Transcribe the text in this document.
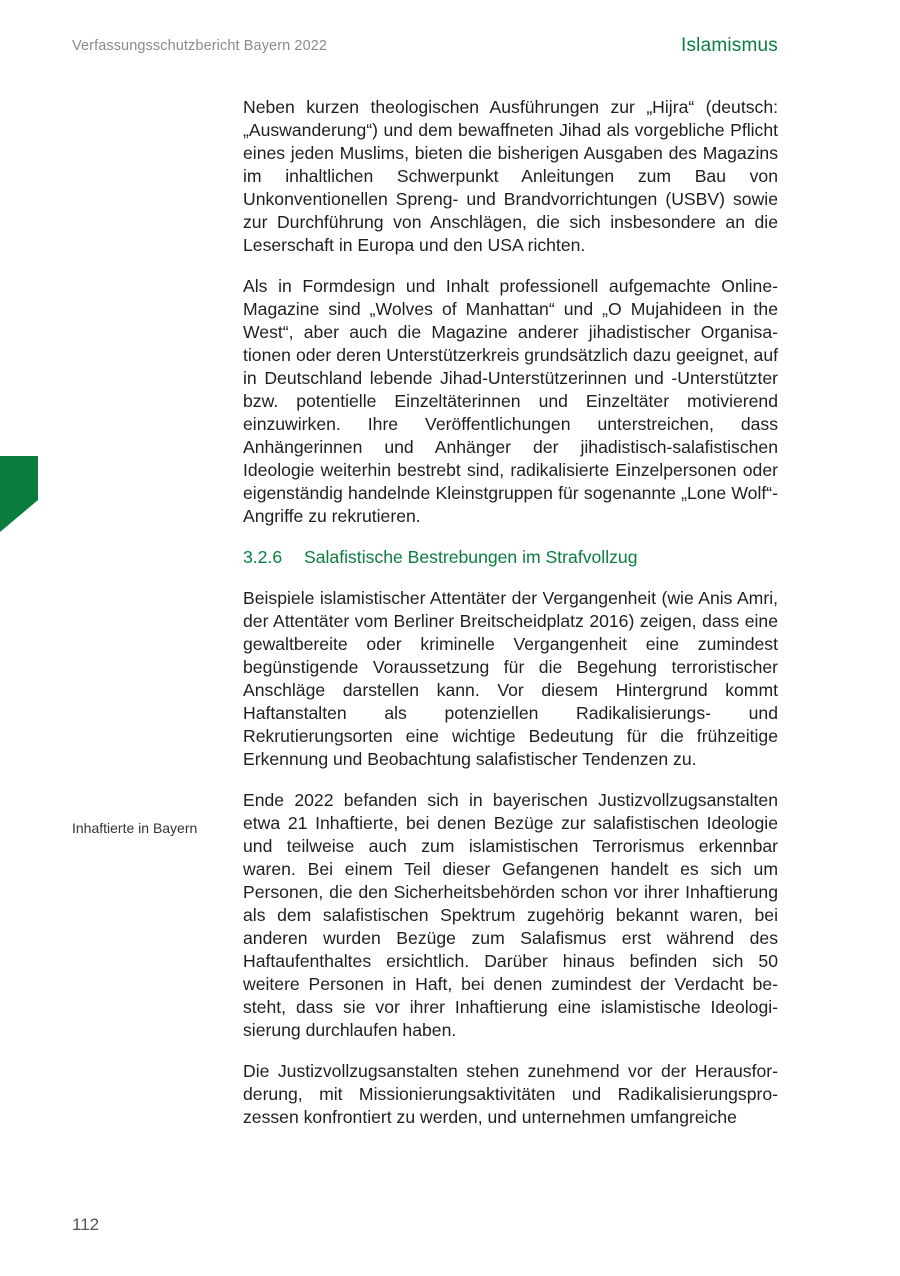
Verfassungsschutzbericht Bayern 2022	Islamismus
Inhaftierte in Bayern

Neben kurzen theologischen Ausführungen zur „Hijra“ (deutsch: „Auswanderung“) und dem bewaffneten Jihad als vorgebliche Pflicht eines jeden Muslims, bieten die bisherigen Ausgaben des Magazins im inhaltlichen Schwerpunkt Anleitungen zum Bau von Unkonventionellen Spreng- und Brandvorrichtungen (USBV) sowie zur Durchführung von Anschlägen, die sich insbesondere an die Leserschaft in Europa und den USA richten.

Als in Formdesign und Inhalt professionell aufgemachte Online-Magazine sind „Wolves of Manhattan“ und „O Mujahideen in the West“, aber auch die Magazine anderer jihadistischer Organisationen oder deren Unterstützerkreis grundsätzlich dazu geeignet, auf in Deutschland lebende Jihad-Unterstützerinnen und -Unterstützter bzw. potentielle Einzeltäterinnen und Einzeltäter motivierend einzuwirken. Ihre Veröffentlichungen unterstreichen, dass Anhängerinnen und Anhänger der jihadistisch-salafistischen Ideologie weiterhin bestrebt sind, radikalisierte Einzelpersonen oder eigenständig handelnde Kleinstgruppen für sogenannte „Lone Wolf“-Angriffe zu rekrutieren.

3.2.6 Salafistische Bestrebungen im Strafvollzug

Beispiele islamistischer Attentäter der Vergangenheit (wie Anis Amri, der Attentäter vom Berliner Breitscheidplatz 2016) zeigen, dass eine gewaltbereite oder kriminelle Vergangenheit eine zumindest begünstigende Voraussetzung für die Begehung terroristischer Anschläge darstellen kann. Vor diesem Hintergrund kommt Haftanstalten als potenziellen Radikalisierungs- und Rekrutierungsorten eine wichtige Bedeutung für die frühzeitige Erkennung und Beobachtung salafistischer Tendenzen zu.

Ende 2022 befanden sich in bayerischen Justizvollzugsanstalten etwa 21 Inhaftierte, bei denen Bezüge zur salafistischen Ideologie und teilweise auch zum islamistischen Terrorismus erkennbar waren. Bei einem Teil dieser Gefangenen handelt es sich um Personen, die den Sicherheitsbehörden schon vor ihrer Inhaftierung als dem salafistischen Spektrum zugehörig bekannt waren, bei anderen wurden Bezüge zum Salafismus erst während des Haftaufenthaltes ersichtlich. Darüber hinaus befinden sich 50 weitere Personen in Haft, bei denen zumindest der Verdacht besteht, dass sie vor ihrer Inhaftierung eine islamistische Ideologisierung durchlaufen haben.

Die Justizvollzugsanstalten stehen zunehmend vor der Herausforderung, mit Missionierungsaktivitäten und Radikalisierungsprozessen konfrontiert zu werden, und unternehmen umfangreiche

112
